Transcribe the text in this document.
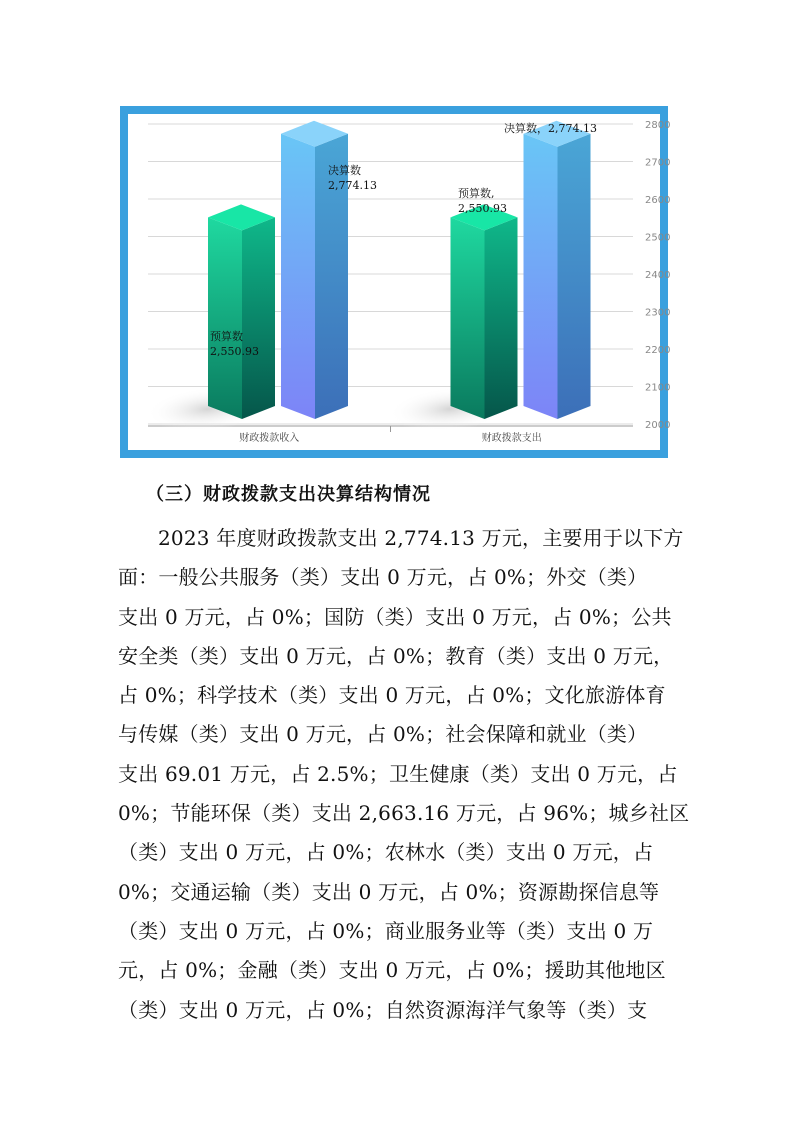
2000
2100
2200
2300
2400
2500
2600
2700
2800
财政拨款收入	财政拨款支出
预算数
2,550.93
决算数
2,774.13
预算数,
2,550.93
决算数，2,774.13
（三）财政拨款支出决算结构情况
2023 年度财政拨款支出 2,774.13 万元，主要用于以下方
面：一般公共服务（类）支出 0 万元，占 0%；外交（类）
支出 0 万元，占 0%；国防（类）支出 0 万元，占 0%；公共
安全类（类）支出 0 万元，占 0%；教育（类）支出 0 万元，
占 0%；科学技术（类）支出 0 万元，占 0%；文化旅游体育
与传媒（类）支出 0 万元，占 0%；社会保障和就业（类）
支出 69.01 万元，占 2.5%；卫生健康（类）支出 0 万元，占
0%；节能环保（类）支出 2,663.16 万元，占 96%；城乡社区
（类）支出 0 万元，占 0%；农林水（类）支出 0 万元，占
0%；交通运输（类）支出 0 万元，占 0%；资源勘探信息等
（类）支出 0 万元，占 0%；商业服务业等（类）支出 0 万
元，占 0%；金融（类）支出 0 万元，占 0%；援助其他地区
（类）支出 0 万元，占 0%；自然资源海洋气象等（类）支
